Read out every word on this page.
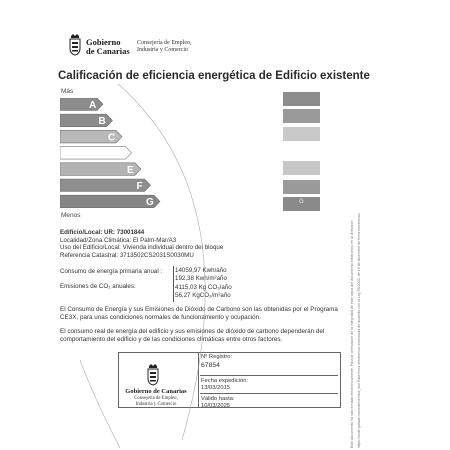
Gobierno
de Canarias
Consejería de Empleo,
Industria y Comercio
Calificación de eficiencia energética de Edificio existente
Más
A
B
C
D
E
F
G
Menos
G
Edificio/Local: UR: 73001844
Localidad/Zona Climática: El Palm-Mar/A3
Uso del Edificio/Local: Vivienda individual dentro del bloque
Referencia Catastral: 3713502CS2031S0030MU
Consumo de energía primaria anual : 14059,97 Kwh/año
192,38 Kwh/m²año
Emisiones de CO₂ anuales:	4115,03 Kg CO₂/año
56,27 KgCO₂/m²año
El Consumo de Energía y sus Emisiones de Dióxido de Carbono son las obtenidas por el Programa CE3X, para unas condiciones normales de funcionamiento y ocupación.
El consumo real de energía del edificio y sus emisiones de dióxido de carbono dependerán del comportamiento del edificio y de las condiciones climáticas entre otros factores.
Gobierno de Canarias
Consejería de Empleo,
Industria y Comercio
Nº Registro:
67854
Fecha expedición:
13/03/2015
Válido hasta:
10/03/2025	Este documento ha sido firmado electrónicamente. Para la verificación de la integridad de este copia del documento electrónico en la dirección: https://sede.gobcan.es/sede/verifica_doc Esta firma electrónica reconocida de acuerdo con la Ley 59/2003, de 19 de diciembre de firma electrónica
